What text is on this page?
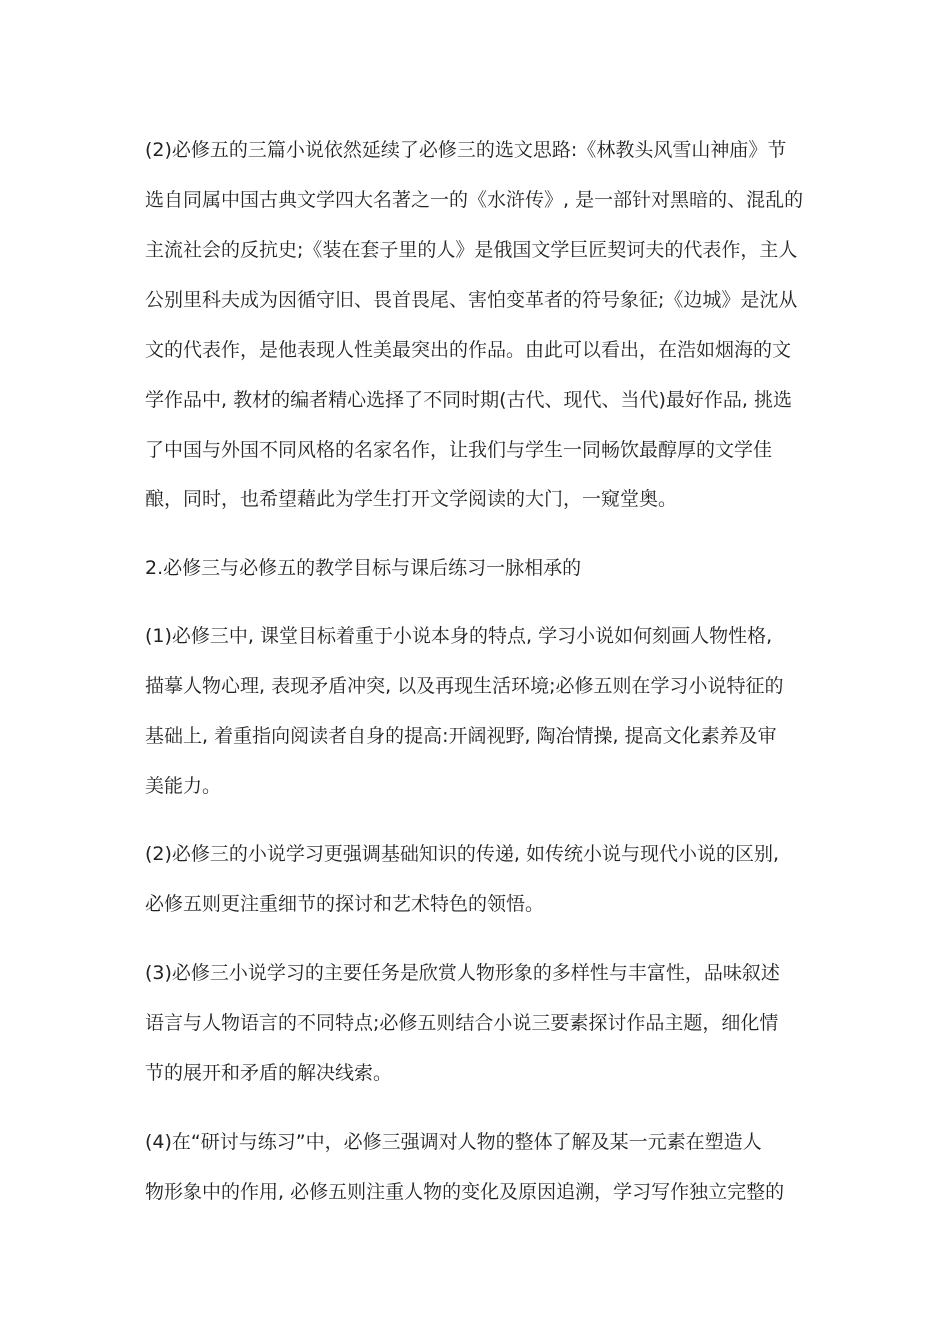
(2)必修五的三篇小说依然延续了必修三的选文思路:《林教头风雪山神庙》节
选自同属中国古典文学四大名著之一的《水浒传》, 是一部针对黑暗的、混乱的
主流社会的反抗史;《装在套子里的人》是俄国文学巨匠契诃夫的代表作，主人
公别里科夫成为因循守旧、畏首畏尾、害怕变革者的符号象征;《边城》是沈从
文的代表作，是他表现人性美最突出的作品。由此可以看出，在浩如烟海的文
学作品中, 教材的编者精心选择了不同时期(古代、现代、当代)最好作品, 挑选
了中国与外国不同风格的名家名作，让我们与学生一同畅饮最醇厚的文学佳
酿，同时，也希望藉此为学生打开文学阅读的大门，一窥堂奥。
2.必修三与必修五的教学目标与课后练习一脉相承的
(1)必修三中, 课堂目标着重于小说本身的特点, 学习小说如何刻画人物性格,
描摹人物心理, 表现矛盾冲突, 以及再现生活环境;必修五则在学习小说特征的
基础上, 着重指向阅读者自身的提高:开阔视野, 陶冶情操, 提高文化素养及审
美能力。
(2)必修三的小说学习更强调基础知识的传递, 如传统小说与现代小说的区别,
必修五则更注重细节的探讨和艺术特色的领悟。
(3)必修三小说学习的主要任务是欣赏人物形象的多样性与丰富性，品味叙述
语言与人物语言的不同特点;必修五则结合小说三要素探讨作品主题，细化情
节的展开和矛盾的解决线索。
(4)在“研讨与练习”中，必修三强调对人物的整体了解及某一元素在塑造人
物形象中的作用, 必修五则注重人物的变化及原因追溯，学习写作独立完整的
